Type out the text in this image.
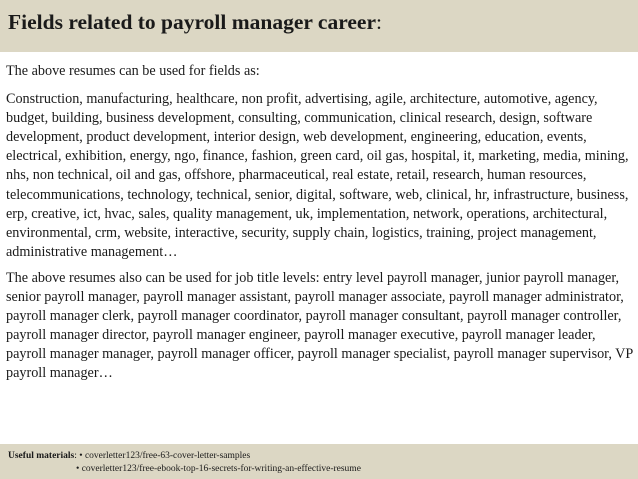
Fields related to payroll manager career:

The above resumes can be used for fields as:

Construction, manufacturing, healthcare, non profit, advertising, agile, architecture, automotive, agency, budget, building, business development, consulting, communication, clinical research, design, software development, product development, interior design, web development, engineering, education, events, electrical, exhibition, energy, ngo, finance, fashion, green card, oil gas, hospital, it, marketing, media, mining, nhs, non technical, oil and gas, offshore, pharmaceutical, real estate, retail, research, human resources, telecommunications, technology, technical, senior, digital, software, web, clinical, hr, infrastructure, business, erp, creative, ict, hvac, sales, quality management, uk, implementation, network, operations, architectural, environmental, crm, website, interactive, security, supply chain, logistics, training, project management, administrative management…

The above resumes also can be used for job title levels: entry level payroll manager, junior payroll manager, senior payroll manager, payroll manager assistant, payroll manager associate, payroll manager administrator, payroll manager clerk, payroll manager coordinator, payroll manager consultant, payroll manager controller, payroll manager director, payroll manager engineer, payroll manager executive, payroll manager leader, payroll manager manager, payroll manager officer, payroll manager specialist, payroll manager supervisor, VP payroll manager…

Useful materials: • coverletter123/free-63-cover-letter-samples
• coverletter123/free-ebook-top-16-secrets-for-writing-an-effective-resume
